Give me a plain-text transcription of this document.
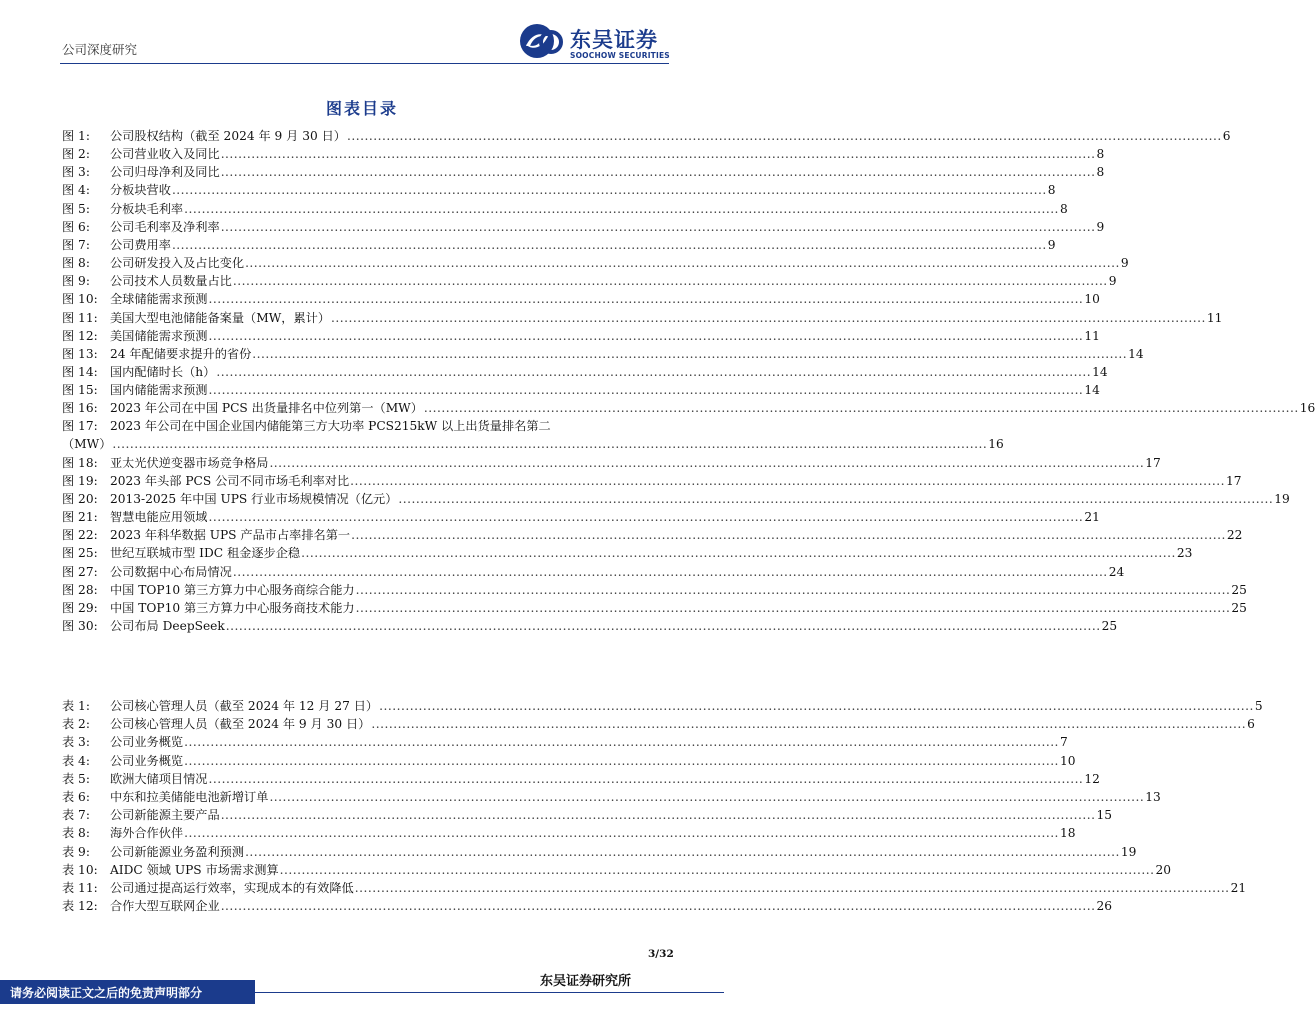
公司深度研究	东吴证券
SOOCHOW SECURITIES
图表目录
图 1:	公司股权结构（截至 2024 年 9 月 30 日） ........................................................................................................................................................................................................ 6
图 2:	公司营业收入及同比 ........................................................................................................................................................................................................ 8
图 3:	公司归母净利及同比 ........................................................................................................................................................................................................ 8
图 4:	分板块营收 ........................................................................................................................................................................................................ 8
图 5:	分板块毛利率 ........................................................................................................................................................................................................ 8
图 6:	公司毛利率及净利率 ........................................................................................................................................................................................................ 9
图 7:	公司费用率 ........................................................................................................................................................................................................ 9
图 8:	公司研发投入及占比变化 ........................................................................................................................................................................................................ 9
图 9:	公司技术人员数量占比 ........................................................................................................................................................................................................ 9
图 10:	全球储能需求预测 ........................................................................................................................................................................................................ 10
图 11:	美国大型电池储能备案量（MW，累计） ........................................................................................................................................................................................................ 11
图 12:	美国储能需求预测 ........................................................................................................................................................................................................ 11
图 13:	24 年配储要求提升的省份 ........................................................................................................................................................................................................ 14
图 14:	国内配储时长（h） ........................................................................................................................................................................................................ 14
图 15:	国内储能需求预测 ........................................................................................................................................................................................................ 14
图 16:	2023 年公司在中国 PCS 出货量排名中位列第一（MW） ........................................................................................................................................................................................................ 16
图 17:	2023 年公司在中国企业国内储能第三方大功率 PCS215kW 以上出货量排名第二
（MW） ........................................................................................................................................................................................................ 16
图 18:	亚太光伏逆变器市场竞争格局 ........................................................................................................................................................................................................ 17
图 19:	2023 年头部 PCS 公司不同市场毛利率对比 ........................................................................................................................................................................................................ 17
图 20:	2013-2025 年中国 UPS 行业市场规模情况（亿元） ........................................................................................................................................................................................................ 19
图 21:	智慧电能应用领域 ........................................................................................................................................................................................................ 21
图 22:	2023 年科华数据 UPS 产品市占率排名第一 ........................................................................................................................................................................................................ 22
图 25:	世纪互联城市型 IDC 租金逐步企稳 ........................................................................................................................................................................................................ 23
图 27:	公司数据中心布局情况 ........................................................................................................................................................................................................ 24
图 28:	中国 TOP10 第三方算力中心服务商综合能力 ........................................................................................................................................................................................................ 25
图 29:	中国 TOP10 第三方算力中心服务商技术能力 ........................................................................................................................................................................................................ 25
图 30:	公司布局 DeepSeek ........................................................................................................................................................................................................ 25
表 1:	公司核心管理人员（截至 2024 年 12 月 27 日） ........................................................................................................................................................................................................ 5
表 2:	公司核心管理人员（截至 2024 年 9 月 30 日） ........................................................................................................................................................................................................ 6
表 3:	公司业务概览 ........................................................................................................................................................................................................ 7
表 4:	公司业务概览 ........................................................................................................................................................................................................ 10
表 5:	欧洲大储项目情况 ........................................................................................................................................................................................................ 12
表 6:	中东和拉美储能电池新增订单 ........................................................................................................................................................................................................ 13
表 7:	公司新能源主要产品 ........................................................................................................................................................................................................ 15
表 8:	海外合作伙伴 ........................................................................................................................................................................................................ 18
表 9:	公司新能源业务盈利预测 ........................................................................................................................................................................................................ 19
表 10:	AIDC 领域 UPS 市场需求测算 ........................................................................................................................................................................................................ 20
表 11:	公司通过提高运行效率，实现成本的有效降低 ........................................................................................................................................................................................................ 21
表 12:	合作大型互联网企业 ........................................................................................................................................................................................................ 26
3/32
请务必阅读正文之后的免责声明部分
东吴证券研究所
